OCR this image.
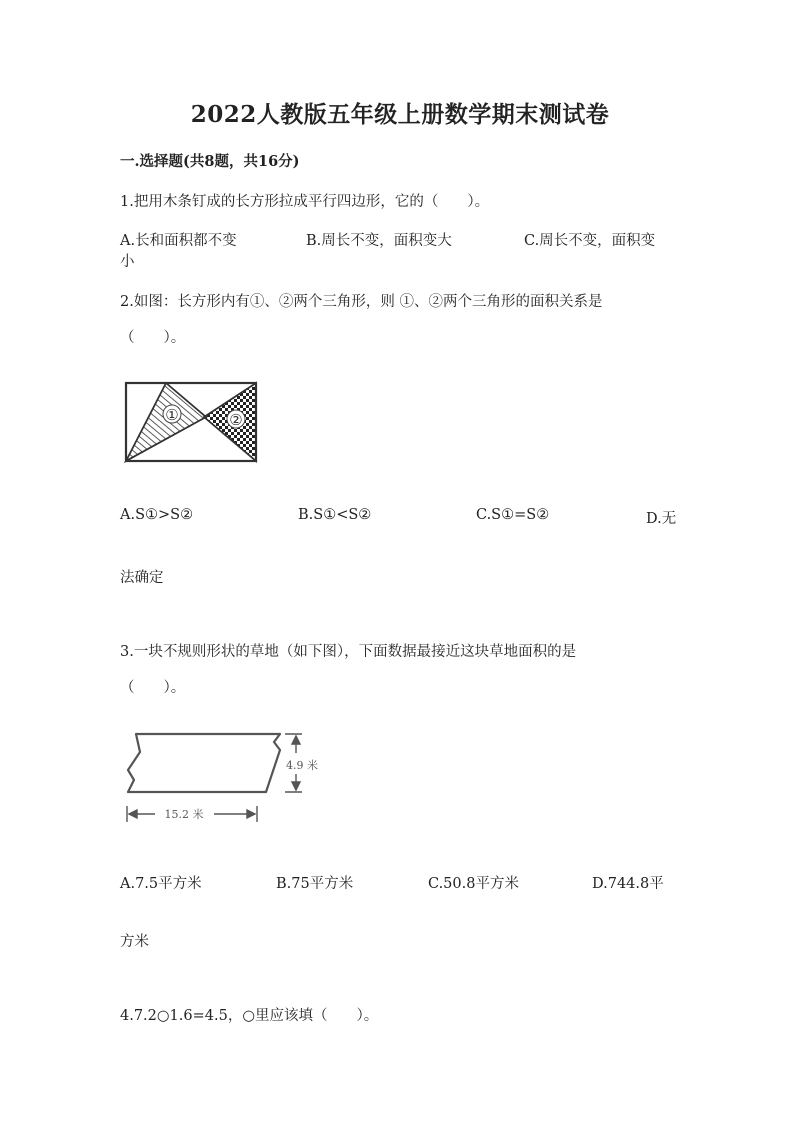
2022人教版五年级上册数学期末测试卷
一.选择题(共8题，共16分)
1.把用木条钉成的长方形拉成平行四边形，它的（　　）。
A.长和面积都不变	B.周长不变，面积变大	C.周长不变，面积变
小
2.如图：长方形内有①、②两个三角形，则 ①、②两个三角形的面积关系是
（　　）。
①	②
A.S①>S②	B.S①<S②	C.S①=S②	D.无
法确定
3.一块不规则形状的草地（如下图），下面数据最接近这块草地面积的是
（　　）。
4.9 米
15.2 米
A.7.5平方米	B.75平方米	C.50.8平方米	D.744.8平
方米
4.7.2○1.6=4.5，○里应该填（　　）。
